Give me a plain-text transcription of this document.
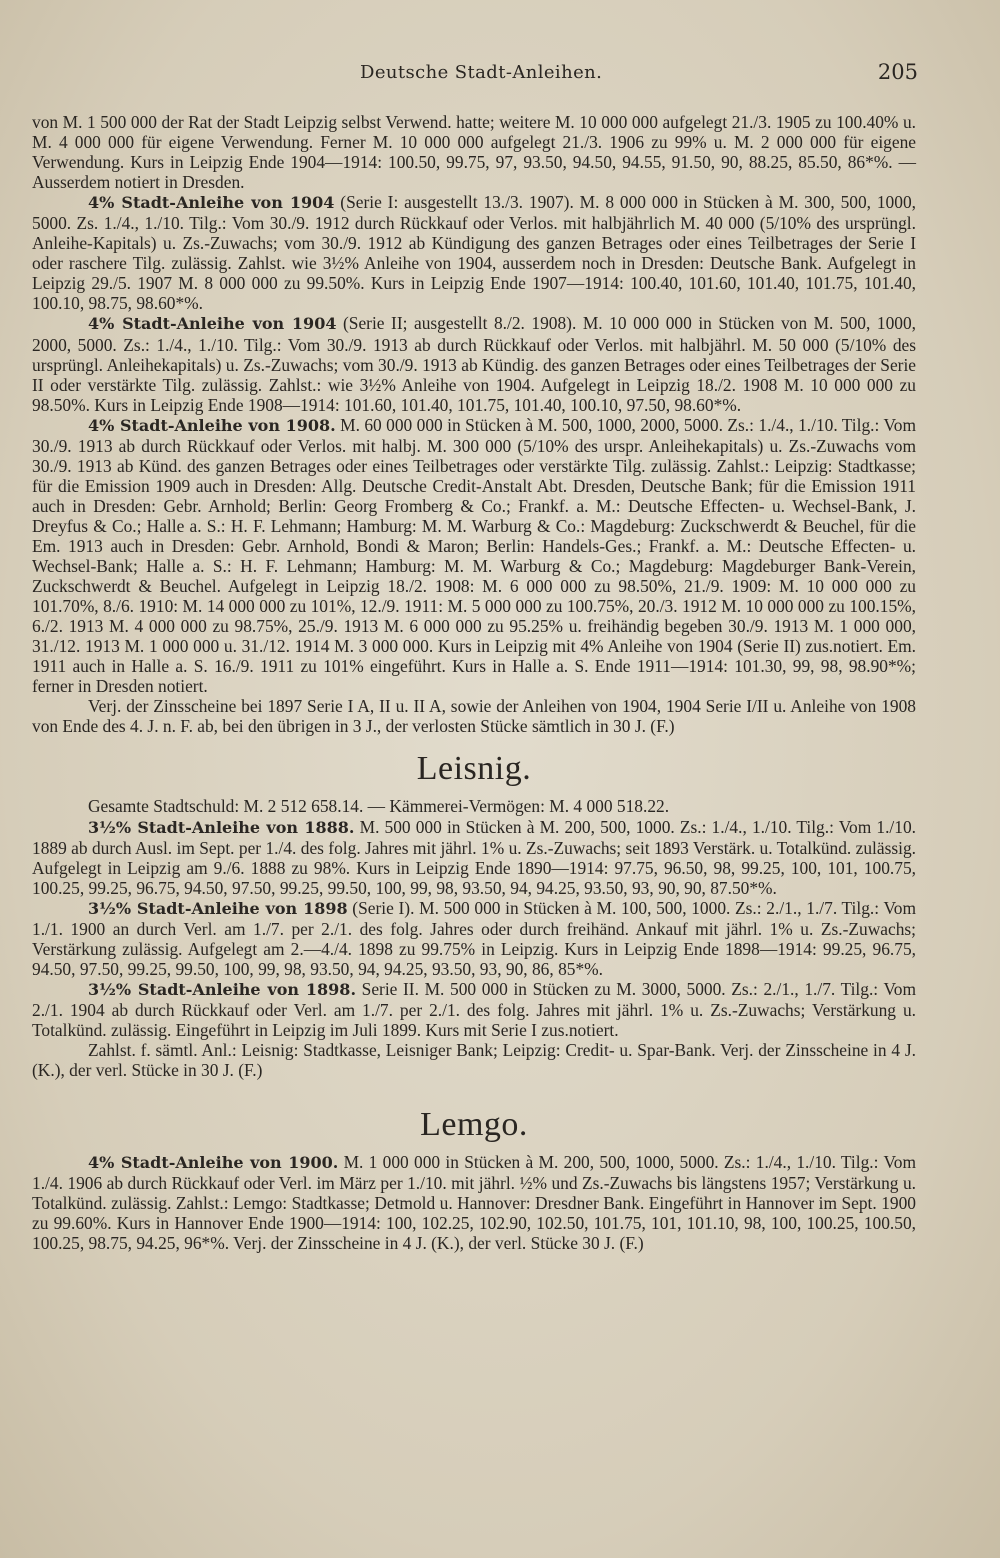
Deutsche Stadt-Anleihen.	205

von M. 1 500 000 der Rat der Stadt Leipzig selbst Verwend. hatte; weitere M. 10 000 000 aufgelegt 21./3. 1905 zu 100.40% u. M. 4 000 000 für eigene Verwendung. Ferner M. 10 000 000 aufgelegt 21./3. 1906 zu 99% u. M. 2 000 000 für eigene Verwendung. Kurs in Leipzig Ende 1904—1914: 100.50, 99.75, 97, 93.50, 94.50, 94.55, 91.50, 90, 88.25, 85.50, 86*%. — Ausserdem notiert in Dresden.

4% Stadt-Anleihe von 1904 (Serie I: ausgestellt 13./3. 1907). M. 8 000 000 in Stücken à M. 300, 500, 1000, 5000. Zs. 1./4., 1./10. Tilg.: Vom 30./9. 1912 durch Rückkauf oder Verlos. mit halbjährlich M. 40 000 (5/10% des ursprüngl. Anleihe-Kapitals) u. Zs.-Zuwachs; vom 30./9. 1912 ab Kündigung des ganzen Betrages oder eines Teilbetrages der Serie I oder raschere Tilg. zulässig. Zahlst. wie 3½% Anleihe von 1904, ausserdem noch in Dresden: Deutsche Bank. Aufgelegt in Leipzig 29./5. 1907 M. 8 000 000 zu 99.50%. Kurs in Leipzig Ende 1907—1914: 100.40, 101.60, 101.40, 101.75, 101.40, 100.10, 98.75, 98.60*%.

4% Stadt-Anleihe von 1904 (Serie II; ausgestellt 8./2. 1908). M. 10 000 000 in Stücken von M. 500, 1000, 2000, 5000. Zs.: 1./4., 1./10. Tilg.: Vom 30./9. 1913 ab durch Rückkauf oder Verlos. mit halbjährl. M. 50 000 (5/10% des ursprüngl. Anleihekapitals) u. Zs.-Zuwachs; vom 30./9. 1913 ab Kündig. des ganzen Betrages oder eines Teilbetrages der Serie II oder verstärkte Tilg. zulässig. Zahlst.: wie 3½% Anleihe von 1904. Aufgelegt in Leipzig 18./2. 1908 M. 10 000 000 zu 98.50%. Kurs in Leipzig Ende 1908—1914: 101.60, 101.40, 101.75, 101.40, 100.10, 97.50, 98.60*%.

4% Stadt-Anleihe von 1908. M. 60 000 000 in Stücken à M. 500, 1000, 2000, 5000. Zs.: 1./4., 1./10. Tilg.: Vom 30./9. 1913 ab durch Rückkauf oder Verlos. mit halbj. M. 300 000 (5/10% des urspr. Anleihekapitals) u. Zs.-Zuwachs vom 30./9. 1913 ab Künd. des ganzen Betrages oder eines Teilbetrages oder verstärkte Tilg. zulässig. Zahlst.: Leipzig: Stadtkasse; für die Emission 1909 auch in Dresden: Allg. Deutsche Credit-Anstalt Abt. Dresden, Deutsche Bank; für die Emission 1911 auch in Dresden: Gebr. Arnhold; Berlin: Georg Fromberg & Co.; Frankf. a. M.: Deutsche Effecten- u. Wechsel-Bank, J. Dreyfus & Co.; Halle a. S.: H. F. Lehmann; Hamburg: M. M. Warburg & Co.: Magdeburg: Zuckschwerdt & Beuchel, für die Em. 1913 auch in Dresden: Gebr. Arnhold, Bondi & Maron; Berlin: Handels-Ges.; Frankf. a. M.: Deutsche Effecten- u. Wechsel-Bank; Halle a. S.: H. F. Lehmann; Hamburg: M. M. Warburg & Co.; Magdeburg: Magdeburger Bank-Verein, Zuckschwerdt & Beuchel. Aufgelegt in Leipzig 18./2. 1908: M. 6 000 000 zu 98.50%, 21./9. 1909: M. 10 000 000 zu 101.70%, 8./6. 1910: M. 14 000 000 zu 101%, 12./9. 1911: M. 5 000 000 zu 100.75%, 20./3. 1912 M. 10 000 000 zu 100.15%, 6./2. 1913 M. 4 000 000 zu 98.75%, 25./9. 1913 M. 6 000 000 zu 95.25% u. freihändig begeben 30./9. 1913 M. 1 000 000, 31./12. 1913 M. 1 000 000 u. 31./12. 1914 M. 3 000 000. Kurs in Leipzig mit 4% Anleihe von 1904 (Serie II) zus.notiert. Em. 1911 auch in Halle a. S. 16./9. 1911 zu 101% eingeführt. Kurs in Halle a. S. Ende 1911—1914: 101.30, 99, 98, 98.90*%; ferner in Dresden notiert.

Verj. der Zinsscheine bei 1897 Serie I A, II u. II A, sowie der Anleihen von 1904, 1904 Serie I/II u. Anleihe von 1908 von Ende des 4. J. n. F. ab, bei den übrigen in 3 J., der verlosten Stücke sämtlich in 30 J. (F.)

Leisnig.

Gesamte Stadtschuld: M. 2 512 658.14. — Kämmerei-Vermögen: M. 4 000 518.22.

3½% Stadt-Anleihe von 1888. M. 500 000 in Stücken à M. 200, 500, 1000. Zs.: 1./4., 1./10. Tilg.: Vom 1./10. 1889 ab durch Ausl. im Sept. per 1./4. des folg. Jahres mit jährl. 1% u. Zs.-Zuwachs; seit 1893 Verstärk. u. Totalkünd. zulässig. Aufgelegt in Leipzig am 9./6. 1888 zu 98%. Kurs in Leipzig Ende 1890—1914: 97.75, 96.50, 98, 99.25, 100, 101, 100.75, 100.25, 99.25, 96.75, 94.50, 97.50, 99.25, 99.50, 100, 99, 98, 93.50, 94, 94.25, 93.50, 93, 90, 90, 87.50*%.

3½% Stadt-Anleihe von 1898 (Serie I). M. 500 000 in Stücken à M. 100, 500, 1000. Zs.: 2./1., 1./7. Tilg.: Vom 1./1. 1900 an durch Verl. am 1./7. per 2./1. des folg. Jahres oder durch freihänd. Ankauf mit jährl. 1% u. Zs.-Zuwachs; Verstärkung zulässig. Aufgelegt am 2.—4./4. 1898 zu 99.75% in Leipzig. Kurs in Leipzig Ende 1898—1914: 99.25, 96.75, 94.50, 97.50, 99.25, 99.50, 100, 99, 98, 93.50, 94, 94.25, 93.50, 93, 90, 86, 85*%.

3½% Stadt-Anleihe von 1898. Serie II. M. 500 000 in Stücken zu M. 3000, 5000. Zs.: 2./1., 1./7. Tilg.: Vom 2./1. 1904 ab durch Rückkauf oder Verl. am 1./7. per 2./1. des folg. Jahres mit jährl. 1% u. Zs.-Zuwachs; Verstärkung u. Totalkünd. zulässig. Eingeführt in Leipzig im Juli 1899. Kurs mit Serie I zus.notiert.

Zahlst. f. sämtl. Anl.: Leisnig: Stadtkasse, Leisniger Bank; Leipzig: Credit- u. Spar-Bank. Verj. der Zinsscheine in 4 J. (K.), der verl. Stücke in 30 J. (F.)

Lemgo.

4% Stadt-Anleihe von 1900. M. 1 000 000 in Stücken à M. 200, 500, 1000, 5000. Zs.: 1./4., 1./10. Tilg.: Vom 1./4. 1906 ab durch Rückkauf oder Verl. im März per 1./10. mit jährl. ½% und Zs.-Zuwachs bis längstens 1957; Verstärkung u. Totalkünd. zulässig. Zahlst.: Lemgo: Stadtkasse; Detmold u. Hannover: Dresdner Bank. Eingeführt in Hannover im Sept. 1900 zu 99.60%. Kurs in Hannover Ende 1900—1914: 100, 102.25, 102.90, 102.50, 101.75, 101, 101.10, 98, 100, 100.25, 100.50, 100.25, 98.75, 94.25, 96*%. Verj. der Zinsscheine in 4 J. (K.), der verl. Stücke 30 J. (F.)
